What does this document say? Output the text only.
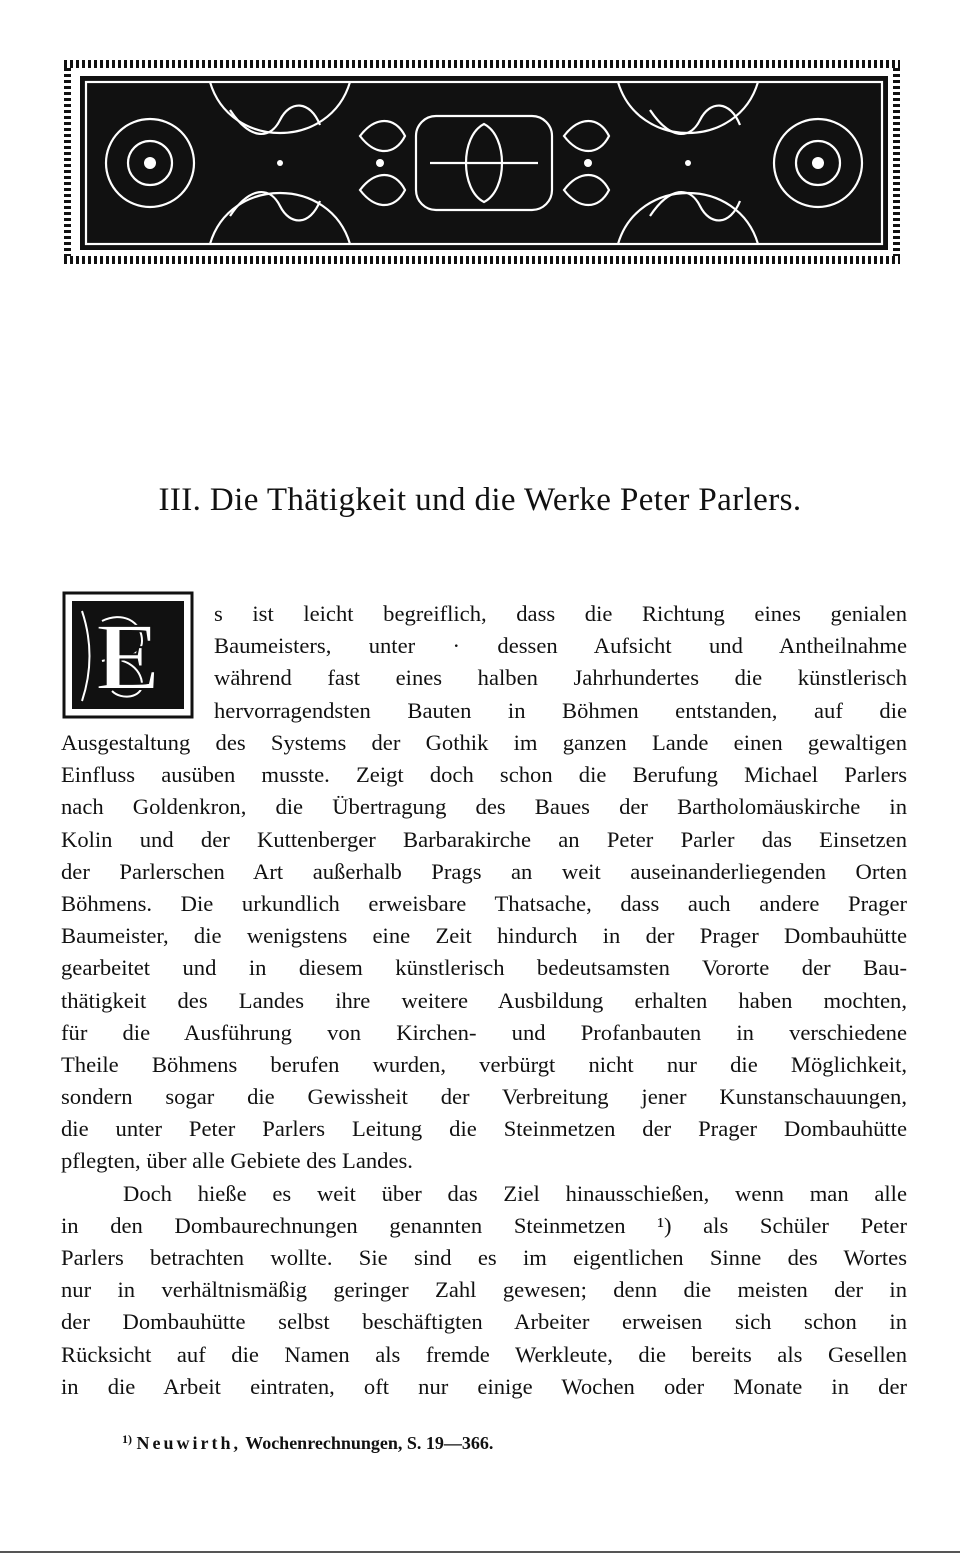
III. Die Thätigkeit und die Werke Peter Parlers.
E s ist leicht begreiflich, dass die Richtung eines genialen
Baumeisters, unter · dessen Aufsicht und Antheilnahme
während fast eines halben Jahrhundertes die künstlerisch
hervorragendsten Bauten in Böhmen entstanden, auf die
Ausgestaltung des Systems der Gothik im ganzen Lande einen gewaltigen
Einfluss ausüben musste. Zeigt doch schon die Berufung Michael Parlers
nach Goldenkron, die Übertragung des Baues der Bartholomäuskirche in
Kolin und der Kuttenberger Barbarakirche an Peter Parler das Einsetzen
der Parlerschen Art außerhalb Prags an weit auseinanderliegenden Orten
Böhmens. Die urkundlich erweisbare Thatsache, dass auch andere Prager
Baumeister, die wenigstens eine Zeit hindurch in der Prager Dombauhütte
gearbeitet und in diesem künstlerisch bedeutsamsten Vororte der Bau-
thätigkeit des Landes ihre weitere Ausbildung erhalten haben mochten,
für die Ausführung von Kirchen- und Profanbauten in verschiedene
Theile Böhmens berufen wurden, verbürgt nicht nur die Möglichkeit,
sondern sogar die Gewissheit der Verbreitung jener Kunstanschauungen,
die unter Peter Parlers Leitung die Steinmetzen der Prager Dombauhütte
pflegten, über alle Gebiete des Landes.
Doch hieße es weit über das Ziel hinausschießen, wenn man alle
in den Dombaurechnungen genannten Steinmetzen ¹) als Schüler Peter
Parlers betrachten wollte. Sie sind es im eigentlichen Sinne des Wortes
nur in verhältnismäßig geringer Zahl gewesen; denn die meisten der in
der Dombauhütte selbst beschäftigten Arbeiter erweisen sich schon in
Rücksicht auf die Namen als fremde Werkleute, die bereits als Gesellen
in die Arbeit eintraten, oft nur einige Wochen oder Monate in der
$^{1)}$ Neuwirth, Wochenrechnungen, S. 19—366.
